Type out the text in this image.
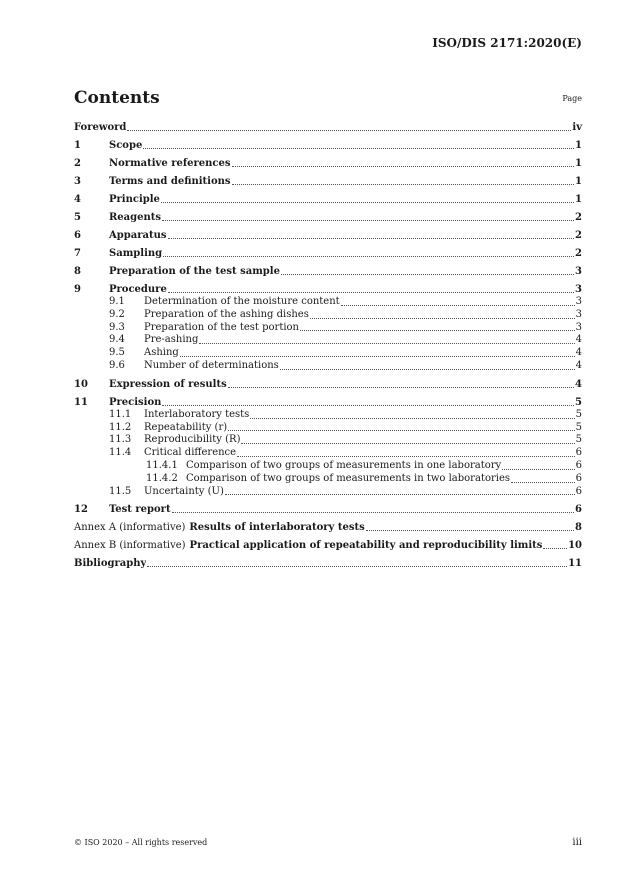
ISO/DIS 2171:2020(E)
Contents	Page
Foreword	iv
1	Scope	1
2	Normative references	1
3	Terms and definitions	1
4	Principle	1
5	Reagents	2
6	Apparatus	2
7	Sampling	2
8	Preparation of the test sample	3
9	Procedure	3
9.1	Determination of the moisture content	3
9.2	Preparation of the ashing dishes	3
9.3	Preparation of the test portion	3
9.4	Pre-ashing	4
9.5	Ashing	4
9.6	Number of determinations	4
10	Expression of results	4
11	Precision	5
11.1	Interlaboratory tests	5
11.2	Repeatability (r)	5
11.3	Reproducibility (R)	5
11.4	Critical difference	6
11.4.1 Comparison of two groups of measurements in one laboratory	6
11.4.2 Comparison of two groups of measurements in two laboratories	6
11.5	Uncertainty (U)	6
12	Test report	6
Annex A (informative) Results of interlaboratory tests	8
Annex B (informative) Practical application of repeatability and reproducibility limits	10
Bibliography	11
© ISO 2020 – All rights reserved	iii
